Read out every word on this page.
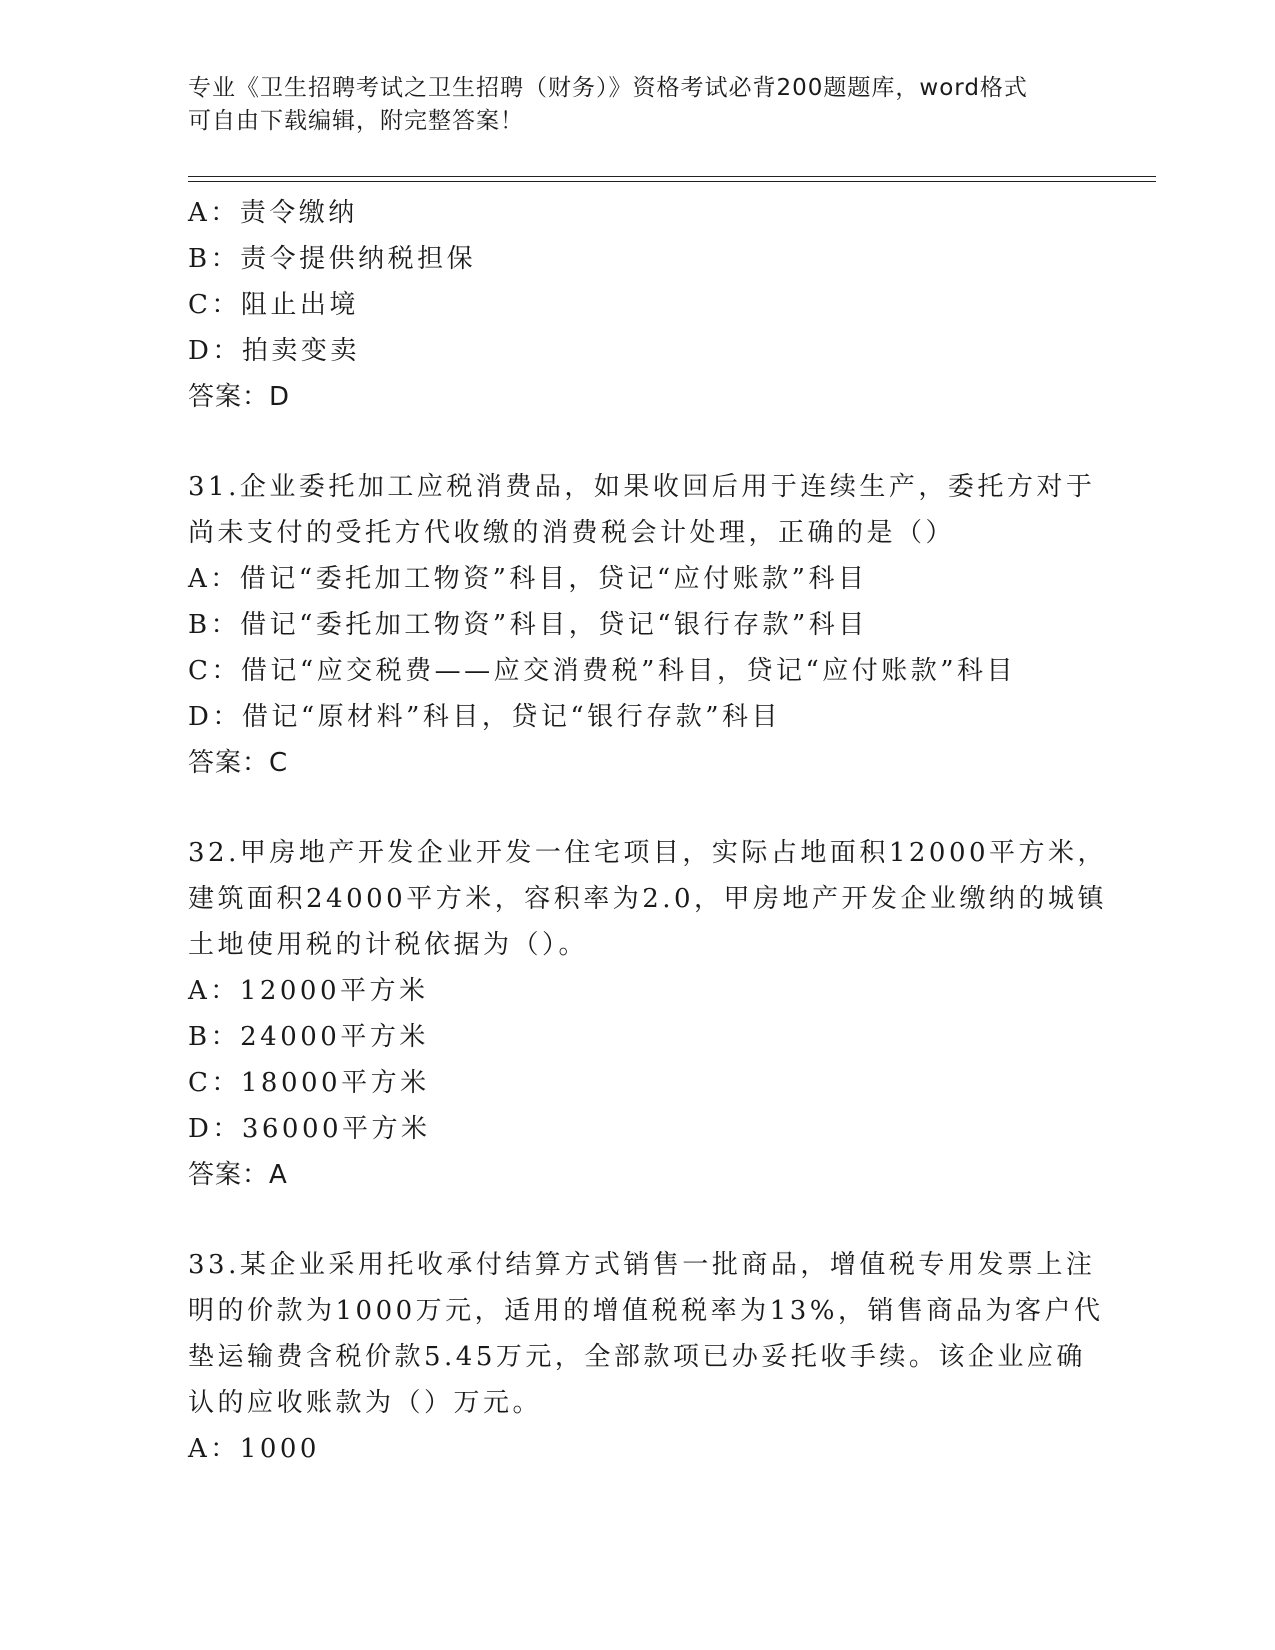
专业《卫生招聘考试之卫生招聘（财务）》资格考试必背200题题库，word格式
可自由下载编辑，附完整答案！
A：责令缴纳
B：责令提供纳税担保
C：阻止出境
D：拍卖变卖
答案：D
31.企业委托加工应税消费品，如果收回后用于连续生产，委托方对于
尚未支付的受托方代收缴的消费税会计处理，正确的是（）
A：借记“委托加工物资”科目，贷记“应付账款”科目
B：借记“委托加工物资”科目，贷记“银行存款”科目
C：借记“应交税费——应交消费税”科目，贷记“应付账款”科目
D：借记“原材料”科目，贷记“银行存款”科目
答案：C
32.甲房地产开发企业开发一住宅项目，实际占地面积12000平方米，
建筑面积24000平方米，容积率为2.0，甲房地产开发企业缴纳的城镇
土地使用税的计税依据为（）。
A：12000平方米
B：24000平方米
C：18000平方米
D：36000平方米
答案：A
33.某企业采用托收承付结算方式销售一批商品，增值税专用发票上注
明的价款为1000万元，适用的增值税税率为13%，销售商品为客户代
垫运输费含税价款5.45万元，全部款项已办妥托收手续。该企业应确
认的应收账款为（）万元。
A：1000
